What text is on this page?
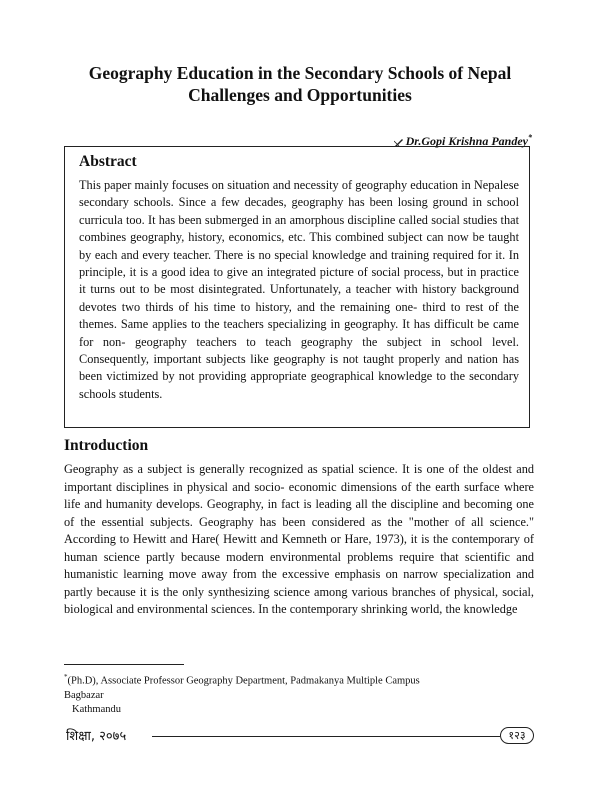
Geography Education in the Secondary Schools of Nepal
Challenges and Opportunities
Dr.Gopi Krishna Pandey*
Abstract

This paper mainly focuses on situation and necessity of geography education in Nepalese secondary schools. Since a few decades, geography has been losing ground in school curricula too. It has been submerged in an amorphous discipline called social studies that combines geography, history, economics, etc. This combined subject can now be taught by each and every teacher. There is no special knowledge and training required for it. In principle, it is a good idea to give an integrated picture of social process, but in practice it turns out to be most disintegrated. Unfortunately, a teacher with history background devotes two thirds of his time to history, and the remaining one- third to rest of the themes. Same applies to the teachers specializing in geography. It has difficult be came for non- geography teachers to teach geography the subject in school level. Consequently, important subjects like geography is not taught properly and nation has been victimized by not providing appropriate geographical knowledge to the secondary schools students.

Introduction

Geography as a subject is generally recognized as spatial science. It is one of the oldest and important disciplines in physical and socio- economic dimensions of the earth surface where life and humanity develops. Geography, in fact is leading all the discipline and becoming one of the essential subjects. Geography has been considered as the "mother of all science." According to Hewitt and Hare( Hewitt and Kemneth or Hare, 1973), it is the contemporary of human science partly because modern environmental problems require that scientific and humanistic learning move away from the excessive emphasis on narrow specialization and partly because it is the only synthesizing science among various branches of physical, social, biological and environmental sciences. In the contemporary shrinking world, the knowledge

*(Ph.D), Associate Professor Geography Department, Padmakanya Multiple Campus Bagbazar
Kathmandu

शिक्षा, २०७५	१२३
